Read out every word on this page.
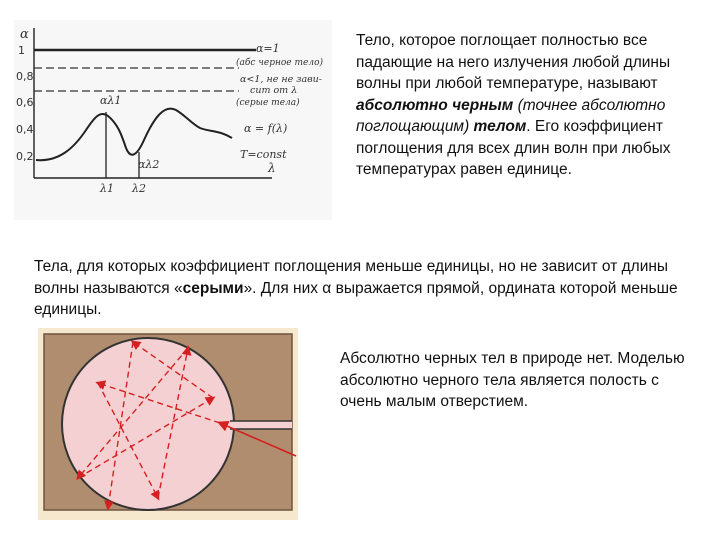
α
1
0,8
0,6
0,4
0,2
α=1
(абс черное тело)
α<1, не не зави-
сит от λ
(серые тела)
α = f(λ)
T=const
αλ1
αλ2
λ1 λ2
λ
Тело, которое поглощает полностью все падающие на него излучения любой длины волны при любой температуре, называют абсолютно черным (точнее абсолютно поглощающим) телом. Его коэффициент поглощения для всех длин волн при любых температурах равен единице.
Тела, для которых коэффициент поглощения меньше единицы, но не зависит от длины волны называются «серыми». Для них α выражается прямой, ордината которой меньше единицы.
Абсолютно черных тел в природе нет. Моделью абсолютно черного тела является полость с очень малым отверстием.
